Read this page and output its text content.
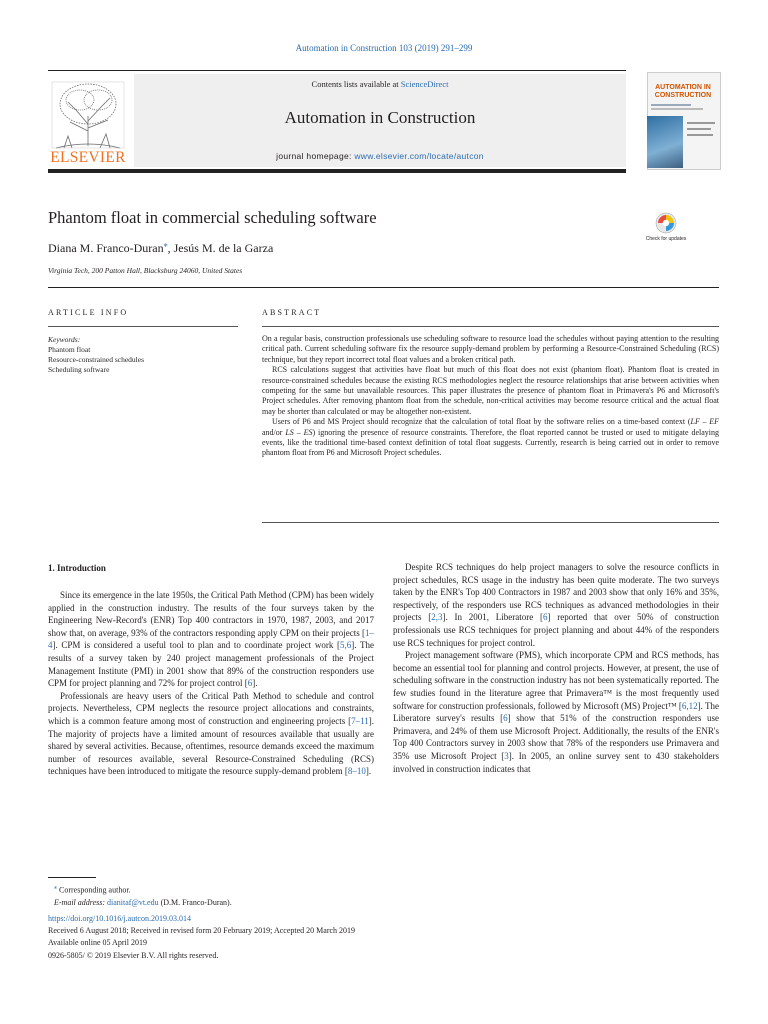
Automation in Construction 103 (2019) 291–299
ELSEVIER
Contents lists available at ScienceDirect
Automation in Construction
journal homepage: www.elsevier.com/locate/autcon
AUTOMATION IN
CONSTRUCTION
Phantom float in commercial scheduling software
Diana M. Franco-Duran⁎, Jesús M. de la Garza
Virginia Tech, 200 Patton Hall, Blacksburg 24060, United States
Check for updates
ARTICLE INFO	ABSTRACT
Keywords:
Phantom float
Resource-constrained schedules
Scheduling software

On a regular basis, construction professionals use scheduling software to resource load the schedules without paying attention to the resulting critical path. Current scheduling software fix the resource supply-demand problem by performing a Resource-Constrained Scheduling (RCS) technique, but they report incorrect total float values and a broken critical path.

RCS calculations suggest that activities have float but much of this float does not exist (phantom float). Phantom float is created in resource-constrained schedules because the existing RCS methodologies neglect the resource relationships that arise between activities when competing for the same but unavailable resources. This paper illustrates the presence of phantom float in Primavera's P6 and Microsoft's Project schedules. After removing phantom float from the schedule, non-critical activities may become resource critical and the actual float may be shorter than calculated or may be altogether non-existent.

Users of P6 and MS Project should recognize that the calculation of total float by the software relies on a time-based context (LF – EF and/or LS – ES) ignoring the presence of resource constraints. Therefore, the float reported cannot be trusted or used to mitigate delaying events, like the traditional time-based context definition of total float suggests. Currently, research is being carried out in order to remove phantom float from P6 and Microsoft Project schedules.

1. Introduction

Since its emergence in the late 1950s, the Critical Path Method (CPM) has been widely applied in the construction industry. The results of the four surveys taken by the Engineering New-Record's (ENR) Top 400 contractors in 1970, 1987, 2003, and 2017 show that, on average, 93% of the contractors responding apply CPM on their projects [1–4]. CPM is considered a useful tool to plan and to coordinate project work [5,6]. The results of a survey taken by 240 project management professionals of the Project Management Institute (PMI) in 2001 show that 89% of the construction responders use CPM for project planning and 72% for project control [6].

Professionals are heavy users of the Critical Path Method to schedule and control projects. Nevertheless, CPM neglects the resource project allocations and constraints, which is a common feature among most of construction and engineering projects [7–11]. The majority of projects have a limited amount of resources available that usually are shared by several activities. Because, oftentimes, resource demands exceed the maximum number of resources available, several Resource-Constrained Scheduling (RCS) techniques have been introduced to mitigate the resource supply-demand problem [8–10].

Despite RCS techniques do help project managers to solve the resource conflicts in project schedules, RCS usage in the industry has been quite moderate. The two surveys taken by the ENR's Top 400 Contractors in 1987 and 2003 show that only 16% and 35%, respectively, of the responders use RCS techniques as advanced methodologies in their projects [2,3]. In 2001, Liberatore [6] reported that over 50% of construction professionals use RCS techniques for project planning and about 44% of the responders use RCS techniques for project control.

Project management software (PMS), which incorporate CPM and RCS methods, has become an essential tool for planning and control projects. However, at present, the use of scheduling software in the construction industry has not been systematically reported. The few studies found in the literature agree that Primavera™ is the most frequently used software for construction professionals, followed by Microsoft (MS) Project™ [6,12]. The Liberatore survey's results [6] show that 51% of the construction responders use Primavera, and 24% of them use Microsoft Project. Additionally, the results of the ENR's Top 400 Contractors survey in 2003 show that 78% of the responders use Primavera and 35% use Microsoft Project [3]. In 2005, an online survey sent to 430 stakeholders involved in construction indicates that

⁎ Corresponding author.
E-mail address: dianitaf@vt.edu (D.M. Franco-Duran).
https://doi.org/10.1016/j.autcon.2019.03.014
Received 6 August 2018; Received in revised form 20 February 2019; Accepted 20 March 2019
Available online 05 April 2019
0926-5805/ © 2019 Elsevier B.V. All rights reserved.
